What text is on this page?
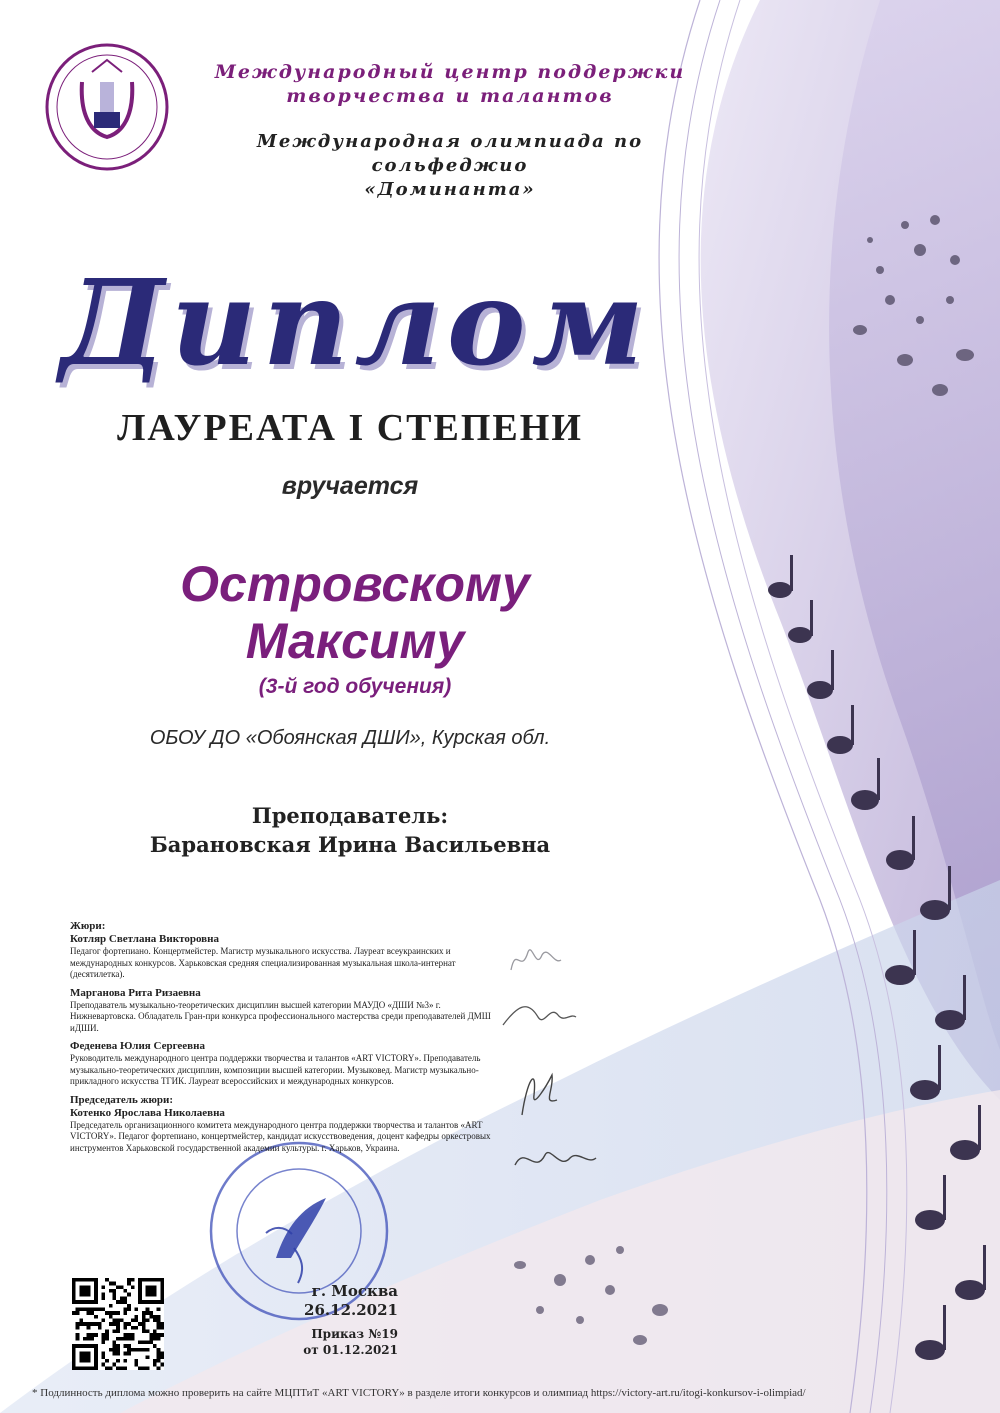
Международный центр поддержки творчества и талантов
Международная олимпиада по сольфеджио
«Доминанта»
Диплом
ЛАУРЕАТА I СТЕПЕНИ
вручается
Островскому
Максиму
(3-й год обучения)
ОБОУ ДО «Обоянская ДШИ», Курская обл.
Преподаватель:
Барановская Ирина Васильевна

Жюри:

Котляр Светлана Викторовна

Педагог фортепиано. Концертмейстер. Магистр музыкального искусства. Лауреат всеукраинских и международных конкурсов. Харьковская средняя специализированная музыкальная школа-интернат (десятилетка).

Марганова Рита Ризаевна

Преподаватель музыкально-теоретических дисциплин высшей категории МАУДО «ДШИ №3» г. Нижневартовска. Обладатель Гран-при конкурса профессионального мастерства среди преподавателей ДМШ иДШИ.

Феденева Юлия Сергеевна

Руководитель международного центра поддержки творчества и талантов «ART VICTORY». Преподаватель музыкально-теоретических дисциплин, композиции высшей категории. Музыковед. Магистр музыкально-прикладного искусства ТГИК. Лауреат всероссийских и международных конкурсов.

Председатель жюри:

Котенко Ярослава Николаевна

Председатель организационного комитета международного центра поддержки творчества и талантов «ART VICTORY». Педагог фортепиано, концертмейстер, кандидат искусствоведения, доцент кафедры оркестровых инструментов Харьковской государственной академии культуры. г. Харьков, Украина.

г. Москва
26.12.2021
Приказ №19
от 01.12.2021
* Подлинность диплома можно проверить на сайте МЦПТиТ «ART VICTORY» в разделе итоги конкурсов и олимпиад https://victory-art.ru/itogi-konkursov-i-olimpiad/
